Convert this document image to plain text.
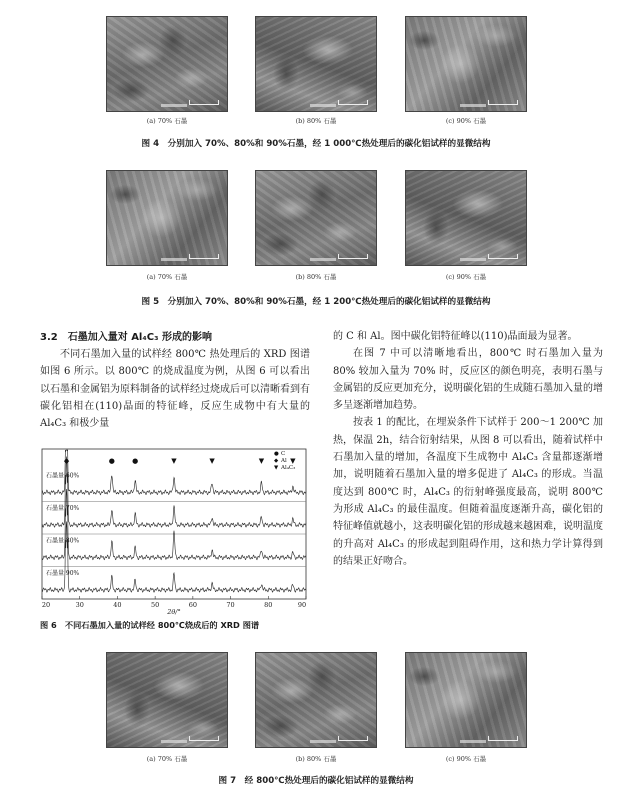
(a) 70% 石墨	(b) 80% 石墨	(c) 90% 石墨
图 4　分别加入 70%、80%和 90%石墨，经 1 000℃热处理后的碳化铝试样的显微结构
(a) 70% 石墨	(b) 80% 石墨	(c) 90% 石墨
图 5　分别加入 70%、80%和 90%石墨，经 1 200℃热处理后的碳化铝试样的显微结构
3.2　石墨加入量对 Al₄C₃ 形成的影响

不同石墨加入量的试样经 800℃ 热处理后的 XRD 图谱如图 6 所示。以 800℃ 的烧成温度为例，从图 6 可以看出以石墨和金属铝为原料制备的试样经过烧成后可以清晰看到有碳化铝相在(110)晶面的特征峰，反应生成物中有大量的 Al₄C₃ 和极少量

石墨量 60%
石墨量 70%
石墨量 80%
石墨量 90%
◆	● ●	▼	▼	▼	▼
● C
◆ Al
▼ Al₄C₃
20	30	40	50	60	70	80	90
2θ/°
图 6　不同石墨加入量的试样经 800℃烧成后的 XRD 图谱

的 C 和 Al。图中碳化铝特征峰以(110)晶面最为显著。

在图 7 中可以清晰地看出，800℃ 时石墨加入量为 80% 较加入量为 70% 时，反应区的颜色明亮，表明石墨与金属铝的反应更加充分，说明碳化铝的生成随石墨加入量的增多呈逐渐增加趋势。

按表 1 的配比，在埋炭条件下试样于 200～1 200℃ 加热，保温 2h，结合衍射结果，从图 8 可以看出，随着试样中石墨加入量的增加，各温度下生成物中 Al₄C₃ 含量都逐渐增加，说明随着石墨加入量的增多促进了 Al₄C₃ 的形成。当温度达到 800℃ 时，Al₄C₃ 的衍射峰强度最高，说明 800℃ 为形成 Al₄C₃ 的最佳温度。但随着温度逐渐升高，碳化铝的特征峰值就越小，这表明碳化铝的形成越来越困难，说明温度的升高对 Al₄C₃ 的形成起到阻碍作用，这和热力学计算得到的结果正好吻合。

(a) 70% 石墨	(b) 80% 石墨	(c) 90% 石墨
图 7　经 800℃热处理后的碳化铝试样的显微结构
